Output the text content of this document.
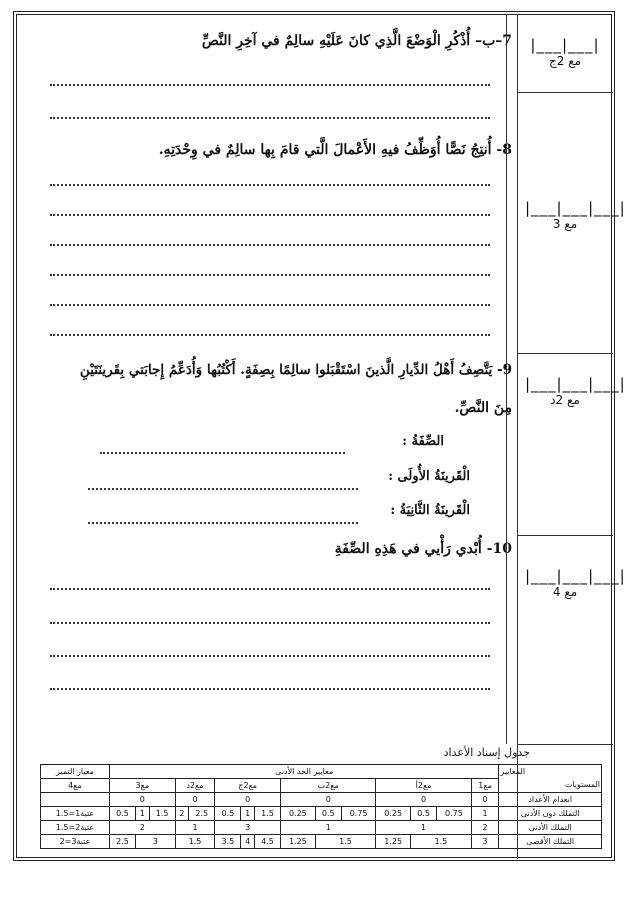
7–ب– أُذْكُرِ الْوَضْعَ الَّذِي كانَ عَلَيْهِ سالِمٌ في آخِرِ النَّصِّ	|___|___|
مع 2ج
8- أُنتِجُ نَصًّا أُوَظِّفُ فيهِ الأَعْمالَ الَّتي قامَ بِها سالِمٌ في وِحْدَتِهِ.
|___|___|___|
مع 3
9- يَتَّصِفُ أَهْلُ الدِّيارِ الَّذينَ اسْتَقْبَلوا سالِمًا بِصِفَةٍ. أَكْتُبُها وَأُدَعِّمُ إِجابَتي بِقَرينَتَيْنِ
مِنَ النَّصِّ.
الصِّفَةُ :
الْقَرينَةُ الأُولَى :
الْقَرينَةُ الثَّانِيَةُ :
|___|___|___|
مع 2د
10- أُبْدي رَأْيي في هَذِهِ الصِّفَةِ
|___|___|___|
مع 4
جدول إسناد الأعداد
المعايير	معايير الحد الأدنى															معيار التميز
المستويات	مع1	مع2أ			مع2ب			مع2ج			مع2د		مع3			مع4
انعدام الأعداد	0	0			0			0			0		0			
التملك دون الأدنى	1	0.75	0.5	0.25	0.75	0.5	0.25	1.5	1	0.5	2.5	2	1.5	1	0.5	عتبة1=1.5
التملك الأدنى	2	1			1			3			1		2			عتبة2=1.5
التملك الأقصى	3	1.5		1.25	1.5		1.25	4.5	4	3.5	1.5		3		2.5	عتبة3=2
